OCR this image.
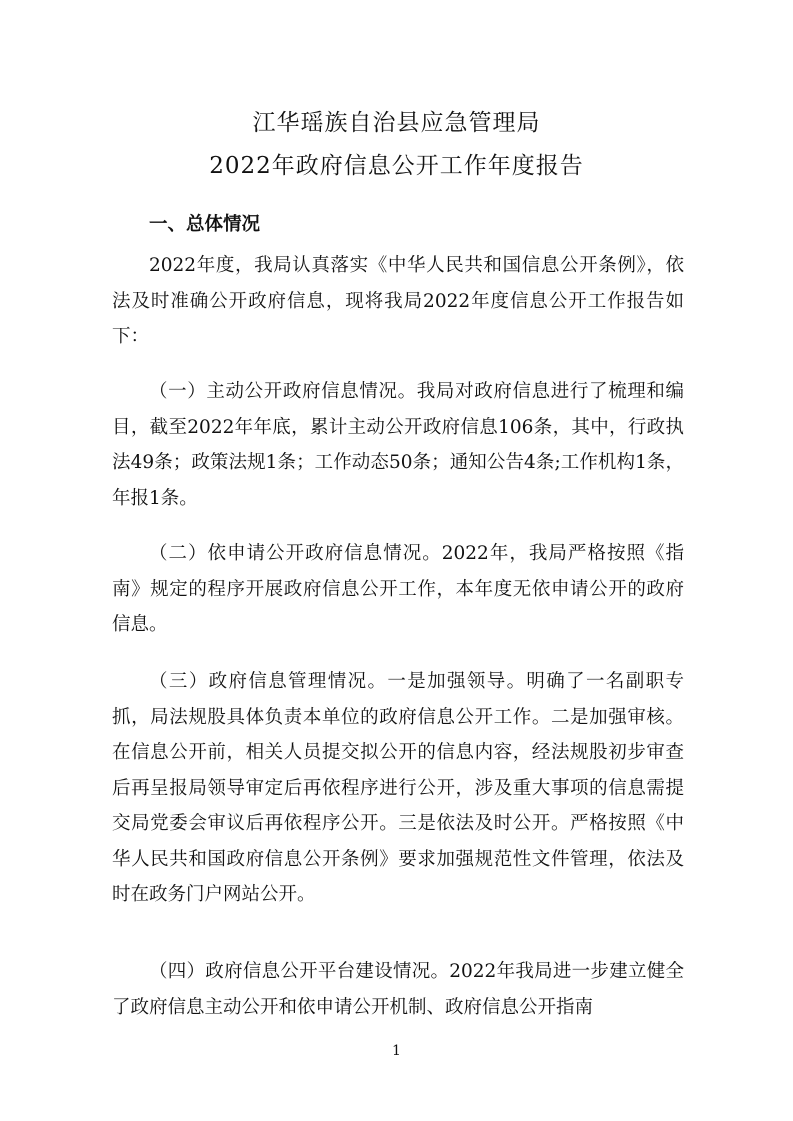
江华瑶族自治县应急管理局
2022年政府信息公开工作年度报告
一、总体情况

2022年度，我局认真落实《中华人民共和国信息公开条例》，依法及时准确公开政府信息，现将我局2022年度信息公开工作报告如下：

（一）主动公开政府信息情况。我局对政府信息进行了梳理和编目，截至2022年年底，累计主动公开政府信息106条，其中，行政执法49条；政策法规1条；工作动态50条；通知公告4条;工作机构1条，年报1条。

（二）依申请公开政府信息情况。2022年，我局严格按照《指南》规定的程序开展政府信息公开工作，本年度无依申请公开的政府信息。

（三）政府信息管理情况。一是加强领导。明确了一名副职专抓，局法规股具体负责本单位的政府信息公开工作。二是加强审核。在信息公开前，相关人员提交拟公开的信息内容，经法规股初步审查后再呈报局领导审定后再依程序进行公开，涉及重大事项的信息需提交局党委会审议后再依程序公开。三是依法及时公开。严格按照《中华人民共和国政府信息公开条例》要求加强规范性文件管理，依法及时在政务门户网站公开。

（四）政府信息公开平台建设情况。2022年我局进一步建立健全了政府信息主动公开和依申请公开机制、政府信息公开指南

1
